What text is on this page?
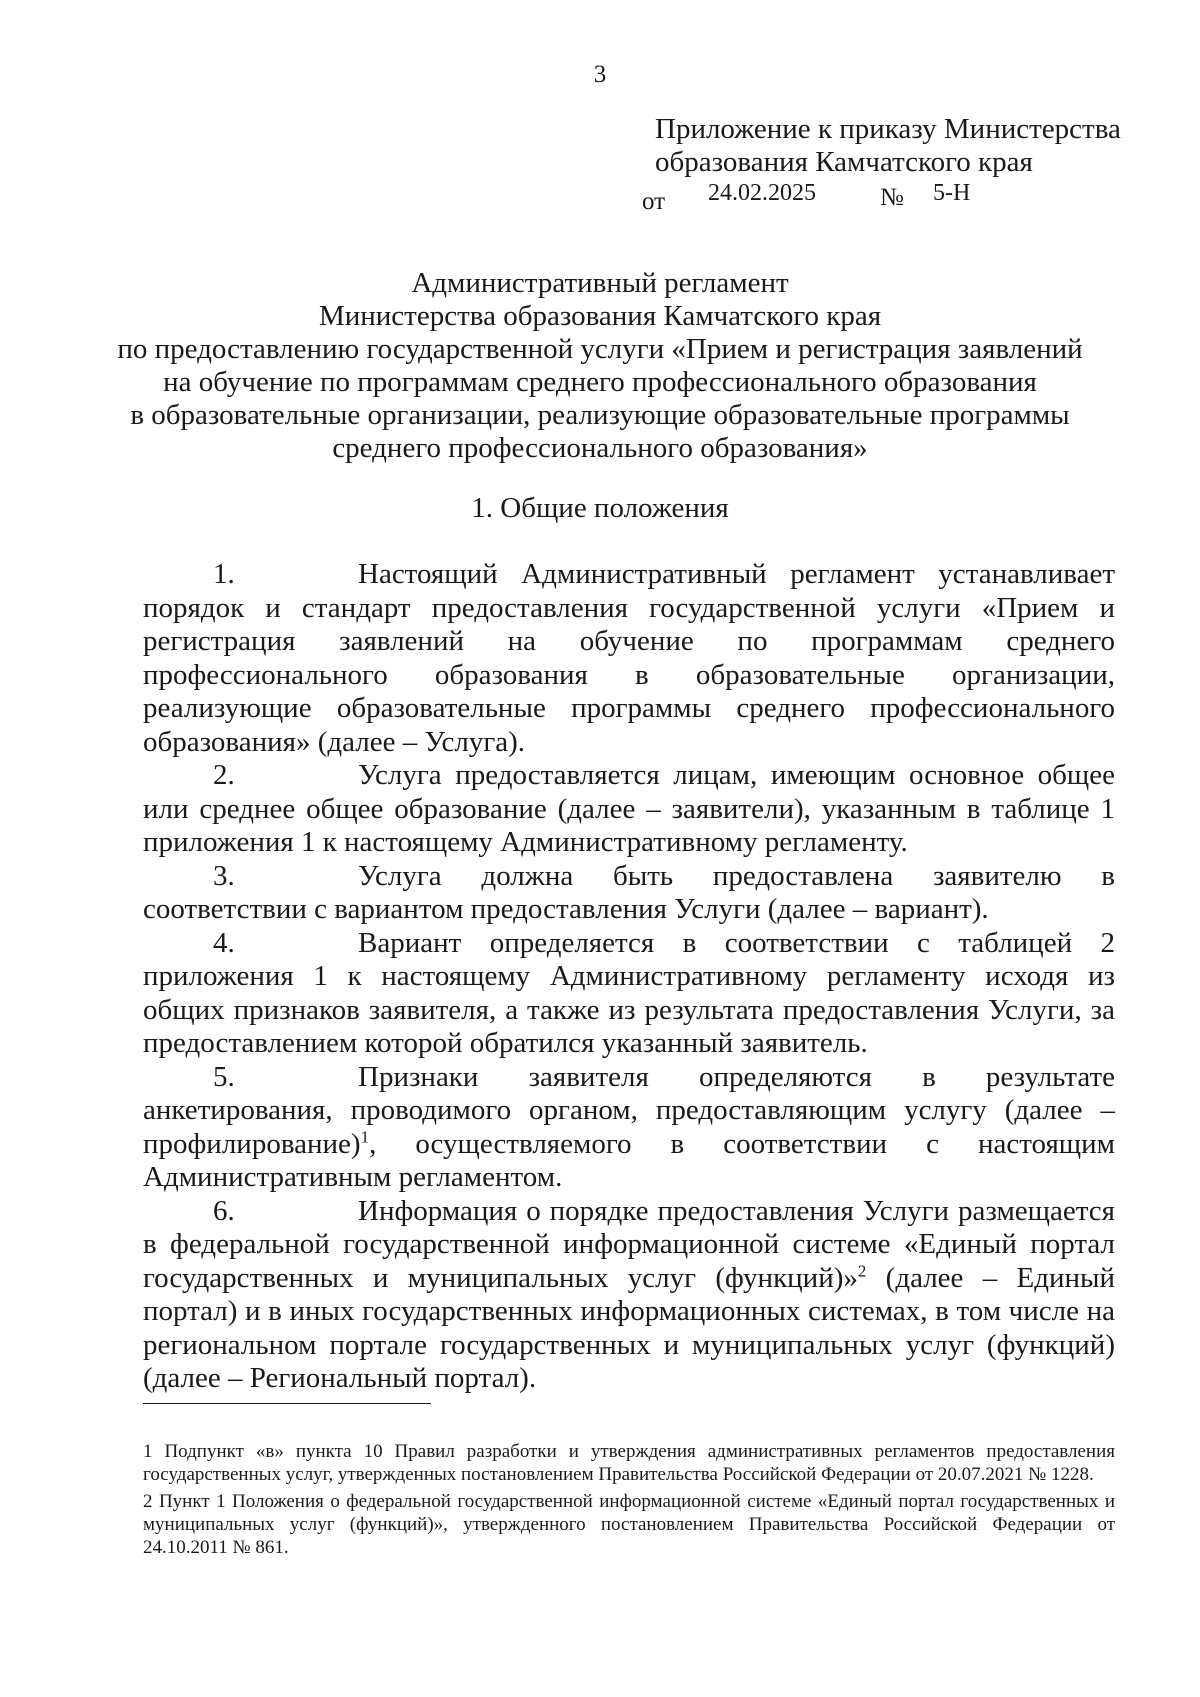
3
Приложение к приказу Министерства
образования Камчатского края
от 24.02.2025	№ 5-Н
Административный регламент
Министерства образования Камчатского края
по предоставлению государственной услуги «Прием и регистрация заявлений
на обучение по программам среднего профессионального образования
в образовательные организации, реализующие образовательные программы
среднего профессионального образования»
1. Общие положения

1.	Настоящий Административный регламент устанавливает порядок и стандарт предоставления государственной услуги «Прием и регистрация заявлений на обучение по программам среднего профессионального образования в образовательные организации, реализующие образовательные программы среднего профессионального образования» (далее – Услуга).

2.	Услуга предоставляется лицам, имеющим основное общее или среднее общее образование (далее – заявители), указанным в таблице 1 приложения 1 к настоящему Административному регламенту.

3.	Услуга должна быть предоставлена заявителю в соответствии с вариантом предоставления Услуги (далее – вариант).

4.	Вариант определяется в соответствии с таблицей 2 приложения 1 к настоящему Административному регламенту исходя из общих признаков заявителя, а также из результата предоставления Услуги, за предоставлением которой обратился указанный заявитель.

5.	Признаки заявителя определяются в результате анкетирования, проводимого органом, предоставляющим услугу (далее – профилирование)$^1$, осуществляемого в соответствии с настоящим Административным регламентом.

6.	Информация о порядке предоставления Услуги размещается в федеральной государственной информационной системе «Единый портал государственных и муниципальных услуг (функций)»$^2$ (далее – Единый портал) и в иных государственных информационных системах, в том числе на региональном портале государственных и муниципальных услуг (функций) (далее – Региональный портал).

1 Подпункт «в» пункта 10 Правил разработки и утверждения административных регламентов предоставления государственных услуг, утвержденных постановлением Правительства Российской Федерации от 20.07.2021 № 1228.

2 Пункт 1 Положения о федеральной государственной информационной системе «Единый портал государственных и муниципальных услуг (функций)», утвержденного постановлением Правительства Российской Федерации от 24.10.2011 № 861.
